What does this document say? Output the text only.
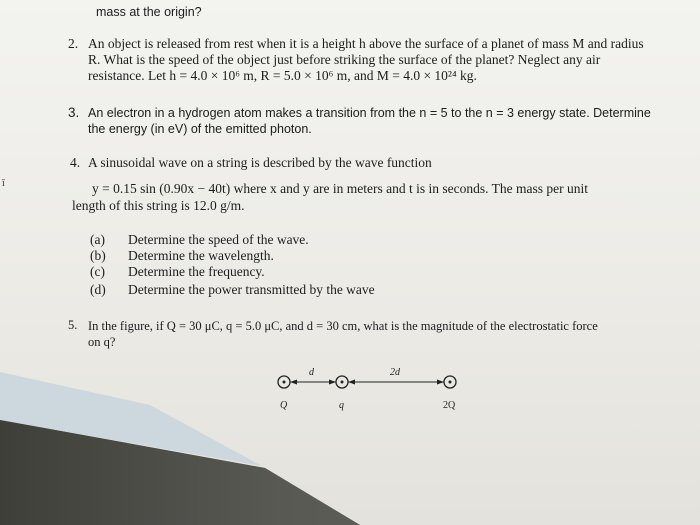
ī
mass at the origin?
2. An object is released from rest when it is a height h above the surface of a planet of mass M and radius
R. What is the speed of the object just before striking the surface of the planet? Neglect any air
resistance. Let h = 4.0 × 10⁶ m, R = 5.0 × 10⁶ m, and M = 4.0 × 10²⁴ kg.
3. An electron in a hydrogen atom makes a transition from the n = 5 to the n = 3 energy state. Determine
the energy (in eV) of the emitted photon.
4. A sinusoidal wave on a string is described by the wave function
y = 0.15 sin (0.90x − 40t) where x and y are in meters and t is in seconds. The mass per unit
length of this string is 12.0 g/m.
(a) Determine the speed of the wave.
(b) Determine the wavelength.
(c) Determine the frequency.
(d) Determine the power transmitted by the wave
5. In the figure, if Q = 30 μC, q = 5.0 μC, and d = 30 cm, what is the magnitude of the electrostatic force
on q?
d	2d
Q	q	2Q
